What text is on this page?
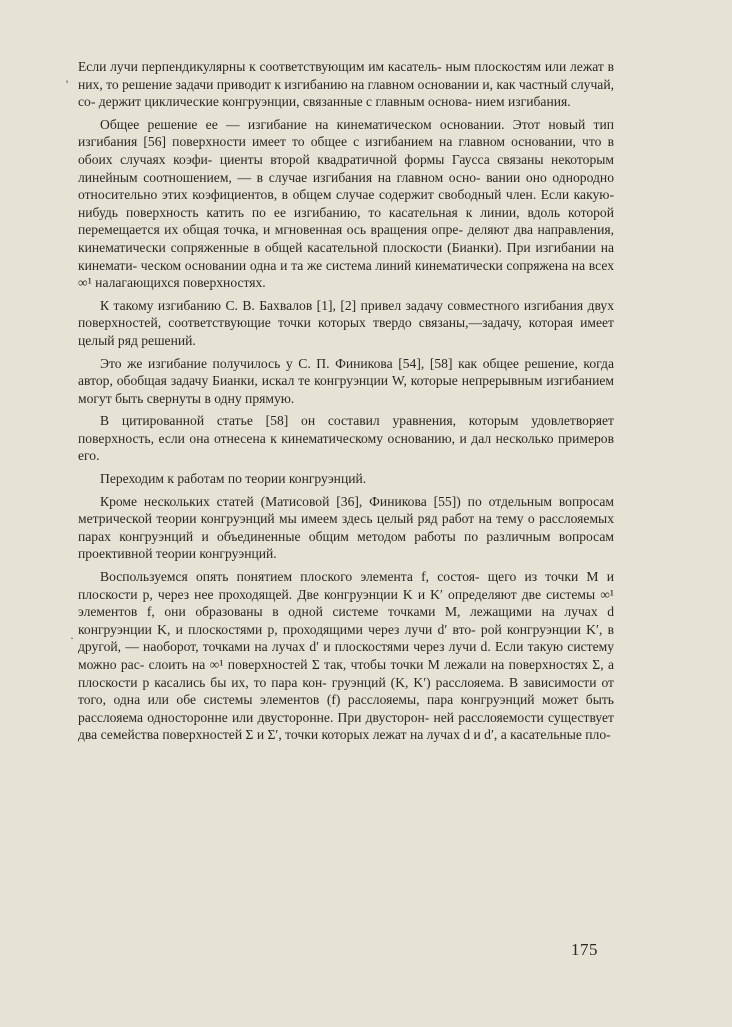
'
·

Если лучи перпендикулярны к соответствующим им касатель- ным плоскостям или лежат в них, то решение задачи приводит к изгибанию на главном основании и, как частный случай, со- держит циклические конгруэнции, связанные с главным основа- нием изгибания.

Общее решение ее — изгибание на кинематическом основании. Этот новый тип изгибания [56] поверхности имеет то общее с изгибанием на главном основании, что в обоих случаях коэфи- циенты второй квадратичной формы Гаусса связаны некоторым линейным соотношением, — в случае изгибания на главном осно- вании оно однородно относительно этих коэфициентов, в общем случае содержит свободный член. Если какую-нибудь поверхность катить по ее изгибанию, то касательная к линии, вдоль которой перемещается их общая точка, и мгновенная ось вращения опре- деляют два направления, кинематически сопряженные в общей касательной плоскости (Бианки). При изгибании на кинемати- ческом основании одна и та же система линий кинематически сопряжена на всех ∞¹ налагающихся поверхностях.

К такому изгибанию С. В. Бахвалов [1], [2] привел задачу совместного изгибания двух поверхностей, соответствующие точки которых твердо связаны,—задачу, которая имеет целый ряд решений.

Это же изгибание получилось у С. П. Финикова [54], [58] как общее решение, когда автор, обобщая задачу Бианки, искал те конгруэнции W, которые непрерывным изгибанием могут быть свернуты в одну прямую.

В цитированной статье [58] он составил уравнения, которым удовлетворяет поверхность, если она отнесена к кинематическому основанию, и дал несколько примеров его.

Переходим к работам по теории конгруэнций.

Кроме нескольких статей (Матисовой [36], Финикова [55]) по отдельным вопросам метрической теории конгруэнций мы имеем здесь целый ряд работ на тему о расслояемых парах конгруэнций и объединенные общим методом работы по различным вопросам проективной теории конгруэнций.

Воспользуемся опять понятием плоского элемента f, состоя- щего из точки M и плоскости p, через нее проходящей. Две конгруэнции K и K′ определяют две системы ∞¹ элементов f, они образованы в одной системе точками M, лежащими на лучах d конгруэнции K, и плоскостями p, проходящими через лучи d′ вто- рой конгруэнции K′, в другой, — наоборот, точками на лучах d′ и плоскостями через лучи d. Если такую систему можно рас- слоить на ∞¹ поверхностей Σ так, чтобы точки M лежали на поверхностях Σ, а плоскости p касались бы их, то пара кон- груэнций (K, K′) расслояема. В зависимости от того, одна или обе системы элементов (f) расслояемы, пара конгруэнций может быть расслояема односторонне или двусторонне. При двусторон- ней расслояемости существует два семейства поверхностей Σ и Σ′, точки которых лежат на лучах d и d′, а касательные пло-

175
